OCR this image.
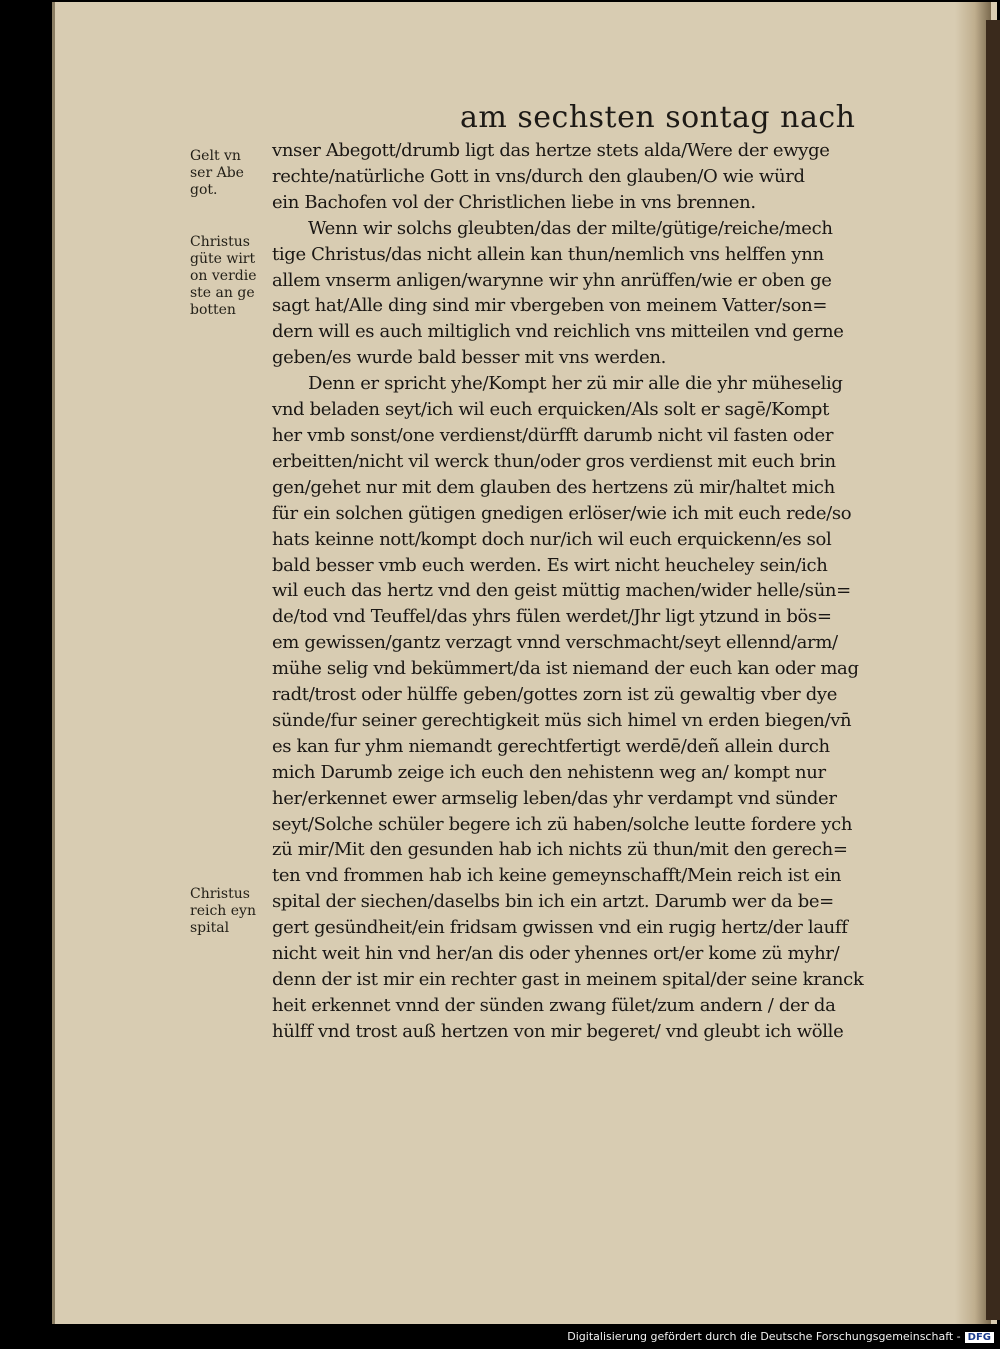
am sechsten sontag nach
Gelt vn
ser Abe
got.
Christus
güte wirt
on verdie
ste an ge
botten
Christus
reich eyn
spital
vnser Abegott/drumb ligt das hertze stets alda/Were der ewyge
rechte/natürliche Gott in vns/durch den glauben/O wie würd
ein Bachofen vol der Christlichen liebe in vns brennen.
Wenn wir solchs gleubten/das der milte/gütige/reiche/mech
tige Christus/das nicht allein kan thun/nemlich vns helffen ynn
allem vnserm anligen/warynne wir yhn anrüffen/wie er oben ge
sagt hat/Alle ding sind mir vbergeben von meinem Vatter/son=
dern will es auch miltiglich vnd reichlich vns mitteilen vnd gerne
geben/es wurde bald besser mit vns werden.
Denn er spricht yhe/Kompt her zü mir alle die yhr müheselig
vnd beladen seyt/ich wil euch erquicken/Als solt er sagē/Kompt
her vmb sonst/one verdienst/dürfft darumb nicht vil fasten oder
erbeitten/nicht vil werck thun/oder gros verdienst mit euch brin
gen/gehet nur mit dem glauben des hertzens zü mir/haltet mich
für ein solchen gütigen gnedigen erlöser/wie ich mit euch rede/so
hats keinne nott/kompt doch nur/ich wil euch erquickenn/es sol
bald besser vmb euch werden. Es wirt nicht heucheley sein/ich
wil euch das hertz vnd den geist müttig machen/wider helle/sün=
de/tod vnd Teuffel/das yhrs fülen werdet/Jhr ligt ytzund in bös=
em gewissen/gantz verzagt vnnd verschmacht/seyt ellennd/arm/
mühe selig vnd bekümmert/da ist niemand der euch kan oder mag
radt/trost oder hülffe geben/gottes zorn ist zü gewaltig vber dye
sünde/fur seiner gerechtigkeit müs sich himel vn erden biegen/vn̄
es kan fur yhm niemandt gerechtfertigt werdē/deñ allein durch
mich Darumb zeige ich euch den nehistenn weg an/ kompt nur
her/erkennet ewer armselig leben/das yhr verdampt vnd sünder
seyt/Solche schüler begere ich zü haben/solche leutte fordere ych
zü mir/Mit den gesunden hab ich nichts zü thun/mit den gerech=
ten vnd frommen hab ich keine gemeynschafft/Mein reich ist ein
spital der siechen/daselbs bin ich ein artzt. Darumb wer da be=
gert gesündheit/ein fridsam gwissen vnd ein rugig hertz/der lauff
nicht weit hin vnd her/an dis oder yhennes ort/er kome zü myhr/
denn der ist mir ein rechter gast in meinem spital/der seine kranck
heit erkennet vnnd der sünden zwang fület/zum andern / der da
hülff vnd trost auß hertzen von mir begeret/ vnd gleubt ich wölle
Digitalisierung gefördert durch die Deutsche Forschungsgemeinschaft - DFG
